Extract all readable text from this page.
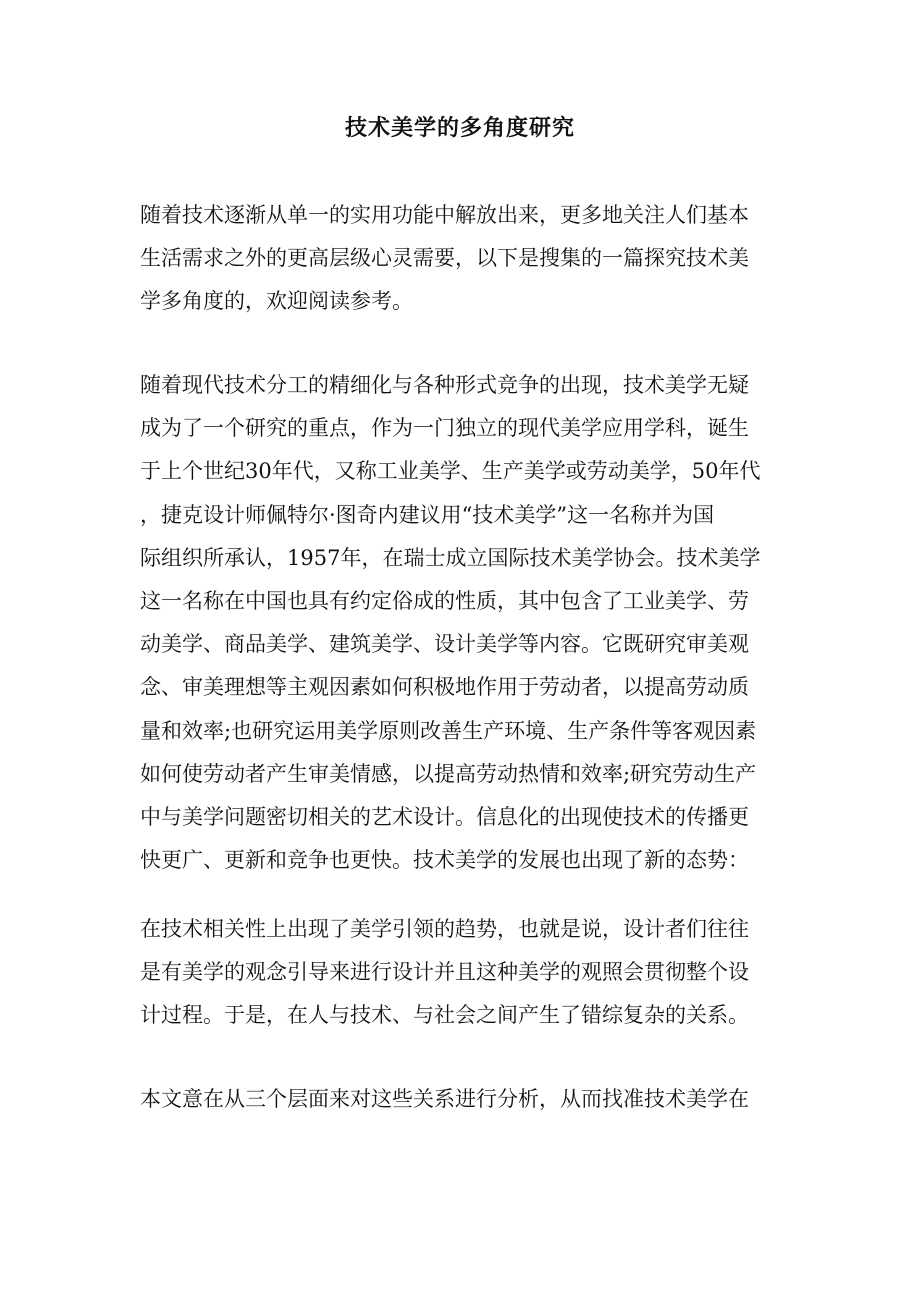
技术美学的多角度研究
随着技术逐渐从单一的实用功能中解放出来，更多地关注人们基本
生活需求之外的更高层级心灵需要，以下是搜集的一篇探究技术美
学多角度的，欢迎阅读参考。
随着现代技术分工的精细化与各种形式竞争的出现，技术美学无疑
成为了一个研究的重点，作为一门独立的现代美学应用学科，诞生
于上个世纪30年代，又称工业美学、生产美学或劳动美学，50年代
，捷克设计师佩特尔·图奇内建议用“技术美学”这一名称并为国
际组织所承认，1957年，在瑞士成立国际技术美学协会。技术美学
这一名称在中国也具有约定俗成的性质，其中包含了工业美学、劳
动美学、商品美学、建筑美学、设计美学等内容。它既研究审美观
念、审美理想等主观因素如何积极地作用于劳动者，以提高劳动质
量和效率;也研究运用美学原则改善生产环境、生产条件等客观因素
如何使劳动者产生审美情感，以提高劳动热情和效率;研究劳动生产
中与美学问题密切相关的艺术设计。信息化的出现使技术的传播更
快更广、更新和竞争也更快。技术美学的发展也出现了新的态势：
在技术相关性上出现了美学引领的趋势，也就是说，设计者们往往
是有美学的观念引导来进行设计并且这种美学的观照会贯彻整个设
计过程。于是，在人与技术、与社会之间产生了错综复杂的关系。
本文意在从三个层面来对这些关系进行分析，从而找准技术美学在
